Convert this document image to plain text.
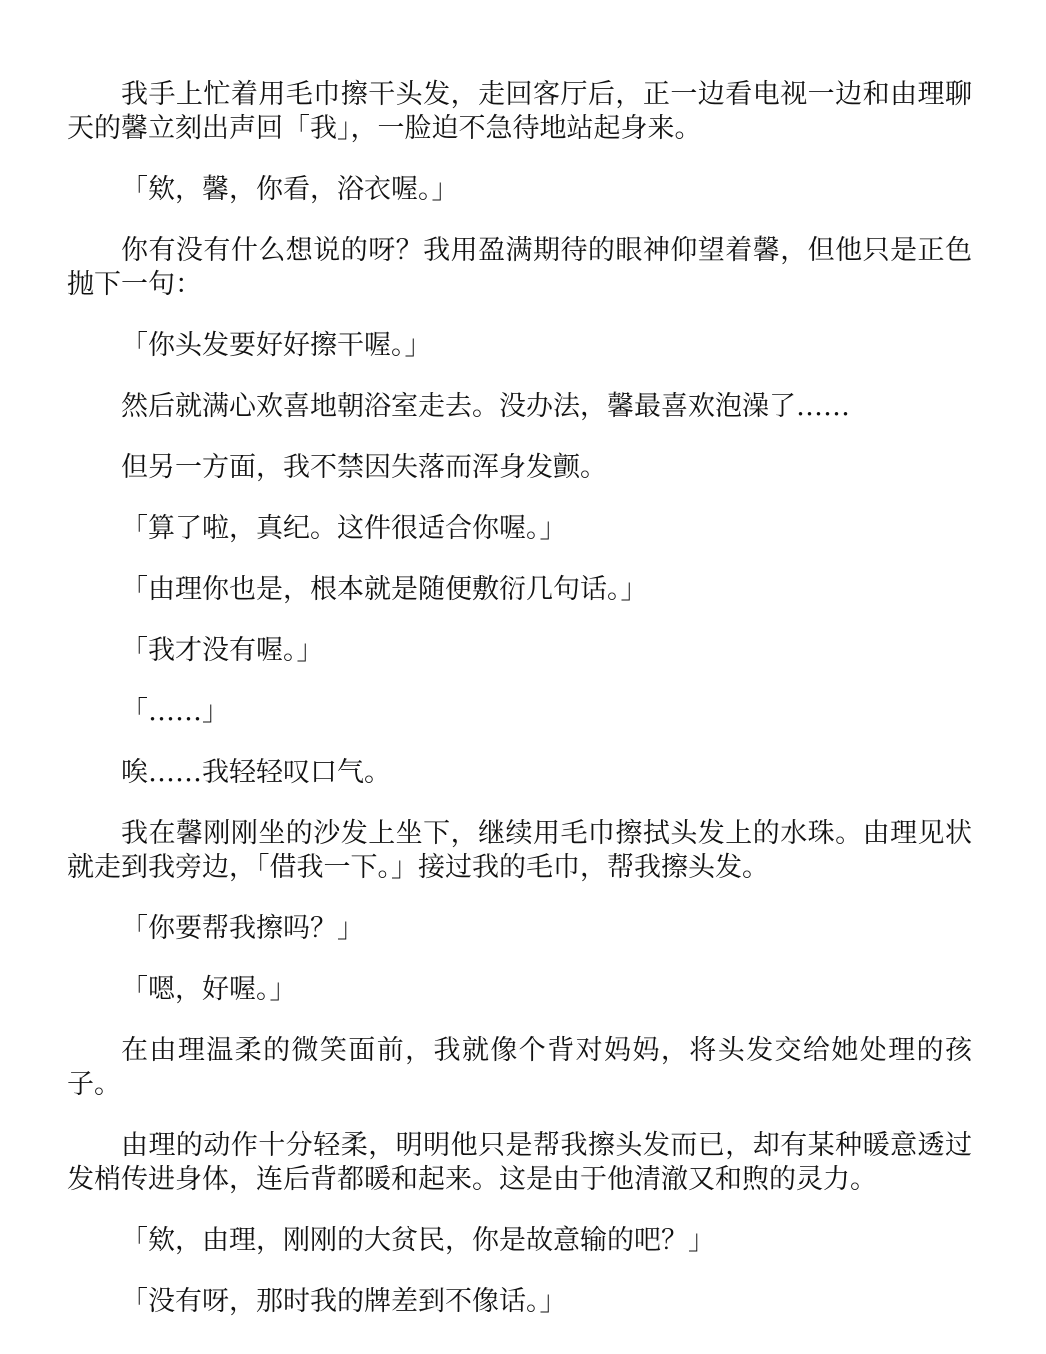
我手上忙着用毛巾擦干头发，走回客厅后，正一边看电视一边和由理聊天的馨立刻出声回「我」，一脸迫不急待地站起身来。

「欸，馨，你看，浴衣喔。」

你有没有什么想说的呀？我用盈满期待的眼神仰望着馨，但他只是正色抛下一句：

「你头发要好好擦干喔。」

然后就满心欢喜地朝浴室走去。没办法，馨最喜欢泡澡了……

但另一方面，我不禁因失落而浑身发颤。

「算了啦，真纪。这件很适合你喔。」

「由理你也是，根本就是随便敷衍几句话。」

「我才没有喔。」

「……」

唉……我轻轻叹口气。

我在馨刚刚坐的沙发上坐下，继续用毛巾擦拭头发上的水珠。由理见状就走到我旁边，「借我一下。」接过我的毛巾，帮我擦头发。

「你要帮我擦吗？」

「嗯，好喔。」

在由理温柔的微笑面前，我就像个背对妈妈，将头发交给她处理的孩子。

由理的动作十分轻柔，明明他只是帮我擦头发而已，却有某种暖意透过发梢传进身体，连后背都暖和起来。这是由于他清澈又和煦的灵力。

「欸，由理，刚刚的大贫民，你是故意输的吧？」

「没有呀，那时我的牌差到不像话。」
